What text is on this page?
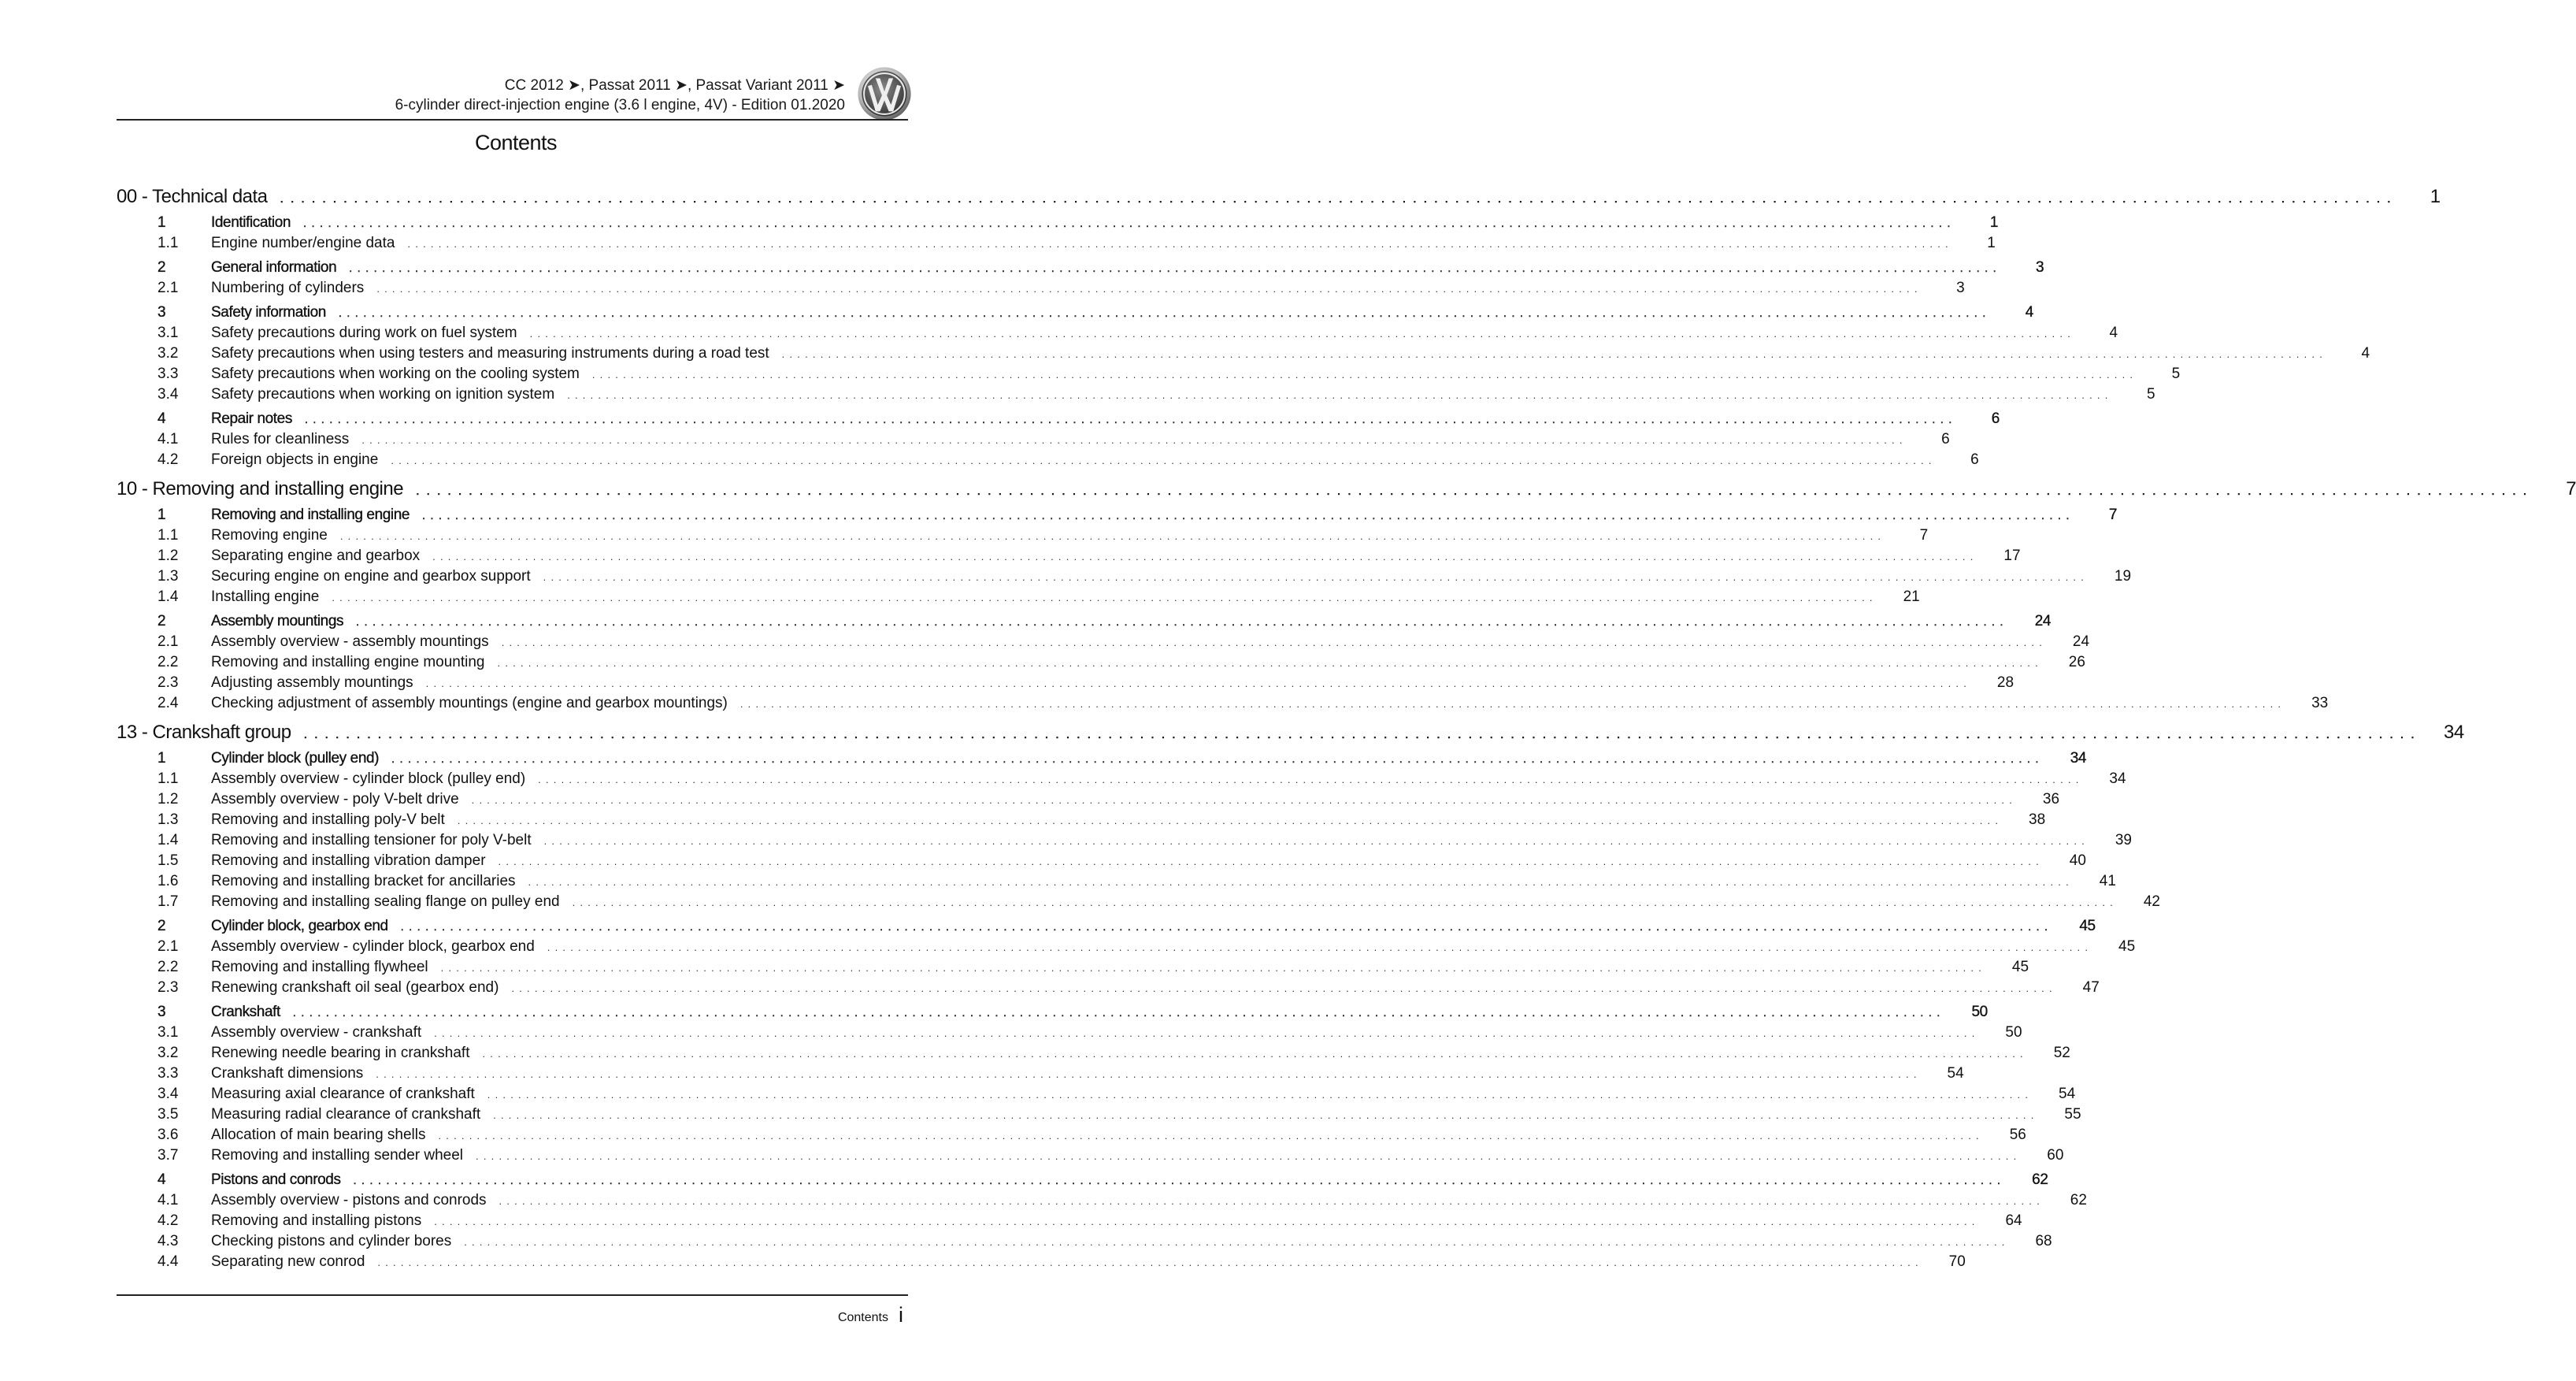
CC 2012 ➤, Passat 2011 ➤, Passat Variant 2011 ➤
6-cylinder direct-injection engine (3.6 l engine, 4V) - Edition 01.2020
Contents
00 - Technical data ........................................................................................................................................................................................................	1
1	Identification ........................................................................................................................................................................................................	1
1.1	Engine number/engine data ........................................................................................................................................................................................................	1
2	General information ........................................................................................................................................................................................................	3
2.1	Numbering of cylinders ........................................................................................................................................................................................................	3
3	Safety information ........................................................................................................................................................................................................	4
3.1	Safety precautions during work on fuel system ........................................................................................................................................................................................................	4
3.2	Safety precautions when using testers and measuring instruments during a road test ........................................................................................................................................................................................................	4
3.3	Safety precautions when working on the cooling system ........................................................................................................................................................................................................	5
3.4	Safety precautions when working on ignition system ........................................................................................................................................................................................................	5
4	Repair notes ........................................................................................................................................................................................................	6
4.1	Rules for cleanliness ........................................................................................................................................................................................................	6
4.2	Foreign objects in engine ........................................................................................................................................................................................................	6
10 - Removing and installing engine ........................................................................................................................................................................................................	7
1	Removing and installing engine ........................................................................................................................................................................................................	7
1.1	Removing engine ........................................................................................................................................................................................................	7
1.2	Separating engine and gearbox ........................................................................................................................................................................................................	17
1.3	Securing engine on engine and gearbox support ........................................................................................................................................................................................................	19
1.4	Installing engine ........................................................................................................................................................................................................	21
2	Assembly mountings ........................................................................................................................................................................................................	24
2.1	Assembly overview - assembly mountings ........................................................................................................................................................................................................	24
2.2	Removing and installing engine mounting ........................................................................................................................................................................................................	26
2.3	Adjusting assembly mountings ........................................................................................................................................................................................................	28
2.4	Checking adjustment of assembly mountings (engine and gearbox mountings) ........................................................................................................................................................................................................	33
13 - Crankshaft group ........................................................................................................................................................................................................	34
1	Cylinder block (pulley end) ........................................................................................................................................................................................................	34
1.1	Assembly overview - cylinder block (pulley end) ........................................................................................................................................................................................................	34
1.2	Assembly overview - poly V-belt drive ........................................................................................................................................................................................................	36
1.3	Removing and installing poly-V belt ........................................................................................................................................................................................................	38
1.4	Removing and installing tensioner for poly V-belt ........................................................................................................................................................................................................	39
1.5	Removing and installing vibration damper ........................................................................................................................................................................................................	40
1.6	Removing and installing bracket for ancillaries ........................................................................................................................................................................................................	41
1.7	Removing and installing sealing flange on pulley end ........................................................................................................................................................................................................	42
2	Cylinder block, gearbox end ........................................................................................................................................................................................................	45
2.1	Assembly overview - cylinder block, gearbox end ........................................................................................................................................................................................................	45
2.2	Removing and installing flywheel ........................................................................................................................................................................................................	45
2.3	Renewing crankshaft oil seal (gearbox end) ........................................................................................................................................................................................................	47
3	Crankshaft ........................................................................................................................................................................................................	50
3.1	Assembly overview - crankshaft ........................................................................................................................................................................................................	50
3.2	Renewing needle bearing in crankshaft ........................................................................................................................................................................................................	52
3.3	Crankshaft dimensions ........................................................................................................................................................................................................	54
3.4	Measuring axial clearance of crankshaft ........................................................................................................................................................................................................	54
3.5	Measuring radial clearance of crankshaft ........................................................................................................................................................................................................	55
3.6	Allocation of main bearing shells ........................................................................................................................................................................................................	56
3.7	Removing and installing sender wheel ........................................................................................................................................................................................................	60
4	Pistons and conrods ........................................................................................................................................................................................................	62
4.1	Assembly overview - pistons and conrods ........................................................................................................................................................................................................	62
4.2	Removing and installing pistons ........................................................................................................................................................................................................	64
4.3	Checking pistons and cylinder bores ........................................................................................................................................................................................................	68
4.4	Separating new conrod ........................................................................................................................................................................................................	70
Contents i
